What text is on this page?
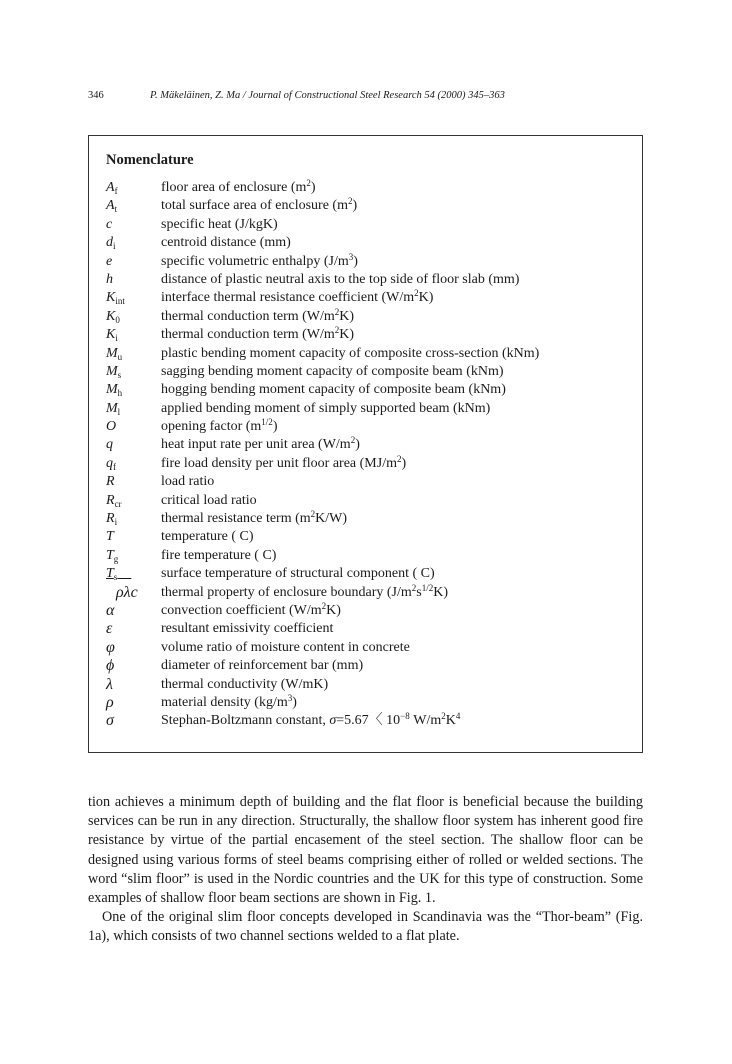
346	P. Mäkeläinen, Z. Ma / Journal of Constructional Steel Research 54 (2000) 345–363
Nomenclature
$A_f$	floor area of enclosure $(m^2)$
$A_t$	total surface area of enclosure $(m^2)$
c	specific heat (J/kgK)
$d_i$	centroid distance (mm)
e	specific volumetric enthalpy $(J/m^3)$
h	distance of plastic neutral axis to the top side of floor slab (mm)
$K_{int}$	interface thermal resistance coefficient $(W/m^2K)$
$K_0$	thermal conduction term $(W/m^2K)$
$K_i$	thermal conduction term $(W/m^2K)$
$M_u$	plastic bending moment capacity of composite cross-section (kNm)
$M_s$	sagging bending moment capacity of composite beam (kNm)
$M_h$	hogging bending moment capacity of composite beam (kNm)
$M_l$	applied bending moment of simply supported beam (kNm)
O	opening factor $(m^{1/2})$
q	heat input rate per unit area $(W/m^2)$
$q_f$	fire load density per unit floor area $(MJ/m^2)$
R	load ratio
$R_{cr}$	critical load ratio
$R_i$	thermal resistance term $(m^2K/W)$
T	temperature ( C)
$T_g$	fire temperature ( C)
$T_s$	surface temperature of structural component ( C)
ρλc	thermal property of enclosure boundary $(J/m^2s^{1/2}K)$
α	convection coefficient $(W/m^2K)$
ε	resultant emissivity coefficient
φ	volume ratio of moisture content in concrete
ϕ	diameter of reinforcement bar (mm)
λ	thermal conductivity (W/mK)
ρ	material density $(kg/m^3)$
σ	Stephan-Boltzmann constant, σ=5.67〈 $10^{-8}$ $W/m^2K^4$

tion achieves a minimum depth of building and the flat floor is beneficial because the building services can be run in any direction. Structurally, the shallow floor system has inherent good fire resistance by virtue of the partial encasement of the steel section. The shallow floor can be designed using various forms of steel beams comprising either of rolled or welded sections. The word “slim floor” is used in the Nordic countries and the UK for this type of construction. Some examples of shallow floor beam sections are shown in Fig. 1.

One of the original slim floor concepts developed in Scandinavia was the “Thor-beam” (Fig. 1a), which consists of two channel sections welded to a flat plate.
